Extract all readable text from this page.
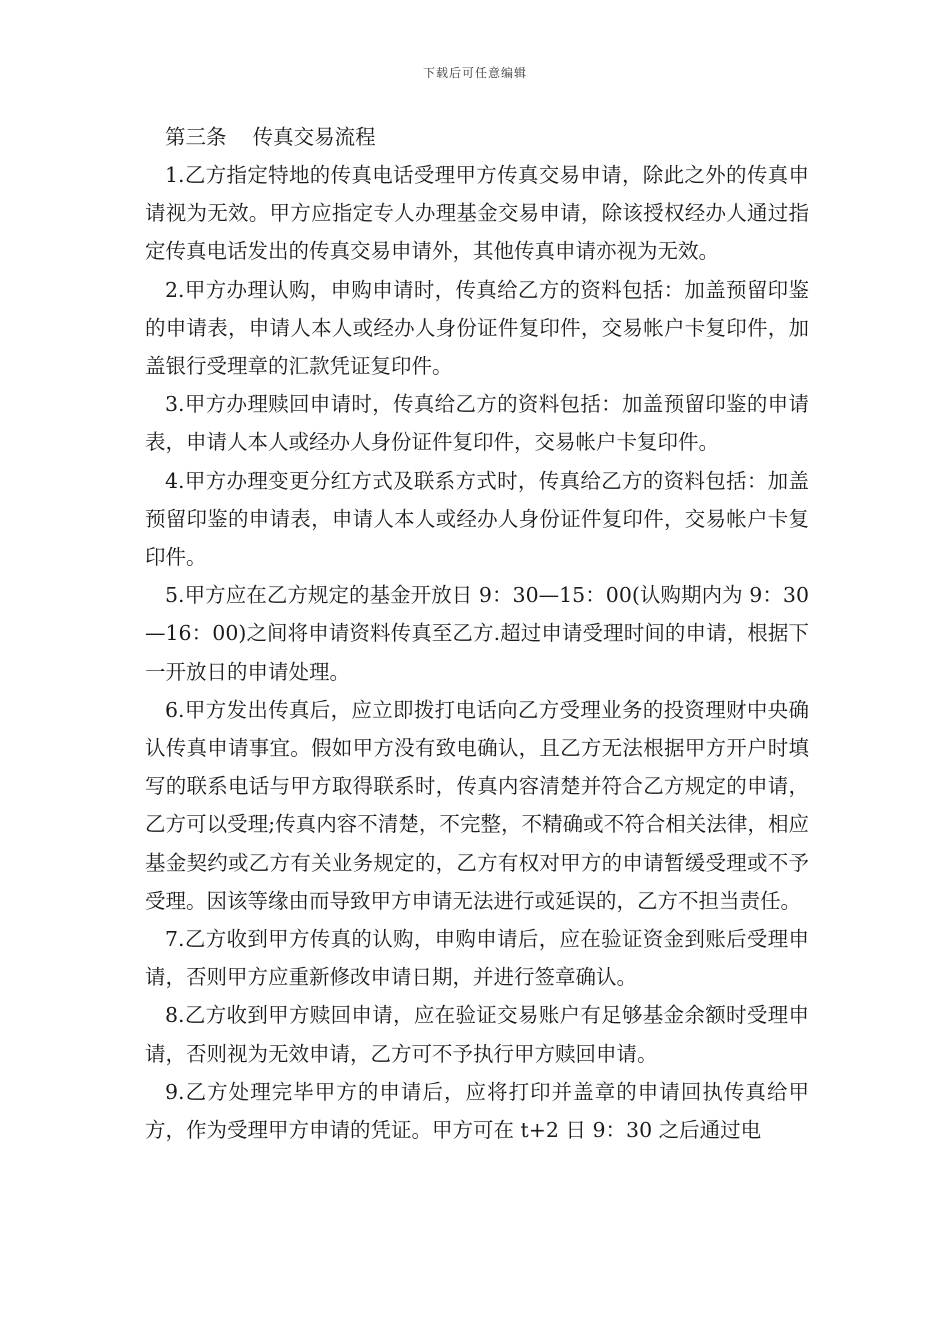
下载后可任意编辑

第三条    传真交易流程

1.乙方指定特地的传真电话受理甲方传真交易申请，除此之外的传真申请视为无效。甲方应指定专人办理基金交易申请，除该授权经办人通过指定传真电话发出的传真交易申请外，其他传真申请亦视为无效。

2.甲方办理认购，申购申请时，传真给乙方的资料包括：加盖预留印鉴的申请表，申请人本人或经办人身份证件复印件，交易帐户卡复印件，加盖银行受理章的汇款凭证复印件。

3.甲方办理赎回申请时，传真给乙方的资料包括：加盖预留印鉴的申请表，申请人本人或经办人身份证件复印件，交易帐户卡复印件。

4.甲方办理变更分红方式及联系方式时，传真给乙方的资料包括：加盖预留印鉴的申请表，申请人本人或经办人身份证件复印件，交易帐户卡复印件。

5.甲方应在乙方规定的基金开放日 9：30—15：00(认购期内为 9：30—16：00)之间将申请资料传真至乙方.超过申请受理时间的申请，根据下一开放日的申请处理。

6.甲方发出传真后，应立即拨打电话向乙方受理业务的投资理财中央确认传真申请事宜。假如甲方没有致电确认，且乙方无法根据甲方开户时填写的联系电话与甲方取得联系时，传真内容清楚并符合乙方规定的申请，乙方可以受理;传真内容不清楚，不完整，不精确或不符合相关法律，相应基金契约或乙方有关业务规定的，乙方有权对甲方的申请暂缓受理或不予受理。因该等缘由而导致甲方申请无法进行或延误的，乙方不担当责任。

7.乙方收到甲方传真的认购，申购申请后，应在验证资金到账后受理申请，否则甲方应重新修改申请日期，并进行签章确认。

8.乙方收到甲方赎回申请，应在验证交易账户有足够基金余额时受理申请，否则视为无效申请，乙方可不予执行甲方赎回申请。

9.乙方处理完毕甲方的申请后，应将打印并盖章的申请回执传真给甲方，作为受理甲方申请的凭证。甲方可在 t+2 日 9：30 之后通过电
